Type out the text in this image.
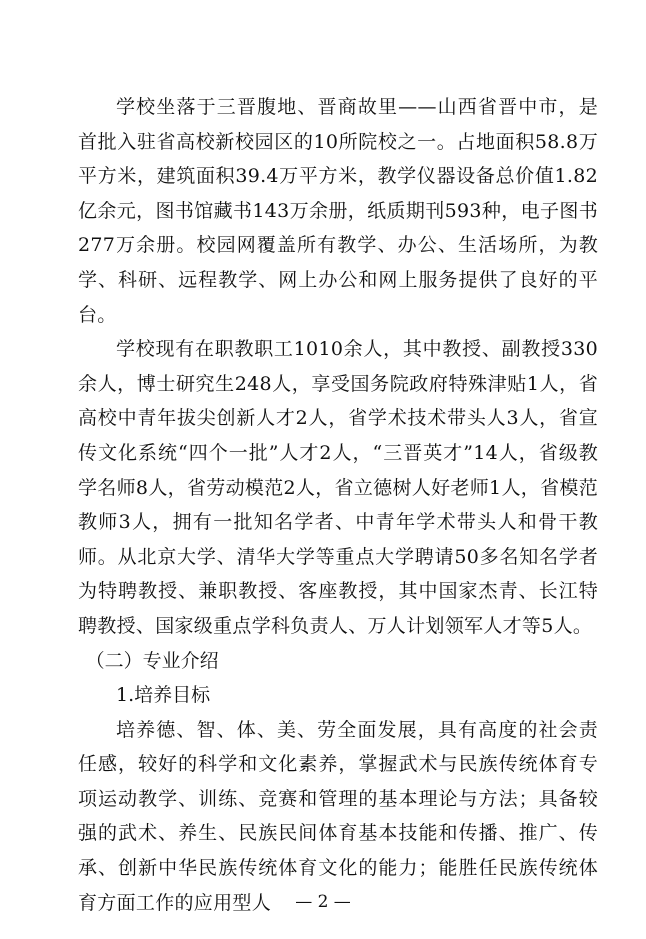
学校坐落于三晋腹地、晋商故里——山西省晋中市，是首批入驻省高校新校园区的10所院校之一。占地面积58.8万平方米，建筑面积39.4万平方米，教学仪器设备总价值1.82亿余元，图书馆藏书143万余册，纸质期刊593种，电子图书277万余册。校园网覆盖所有教学、办公、生活场所，为教学、科研、远程教学、网上办公和网上服务提供了良好的平台。

学校现有在职教职工1010余人，其中教授、副教授330余人，博士研究生248人，享受国务院政府特殊津贴1人，省高校中青年拔尖创新人才2人，省学术技术带头人3人，省宣传文化系统“四个一批”人才2人，“三晋英才”14人，省级教学名师8人，省劳动模范2人，省立德树人好老师1人，省模范教师3人，拥有一批知名学者、中青年学术带头人和骨干教师。从北京大学、清华大学等重点大学聘请50多名知名学者为特聘教授、兼职教授、客座教授，其中国家杰青、长江特聘教授、国家级重点学科负责人、万人计划领军人才等5人。

（二）专业介绍

1.培养目标

培养德、智、体、美、劳全面发展，具有高度的社会责任感，较好的科学和文化素养，掌握武术与民族传统体育专项运动教学、训练、竞赛和管理的基本理论与方法；具备较强的武术、养生、民族民间体育基本技能和传播、推广、传承、创新中华民族传统体育文化的能力；能胜任民族传统体育方面工作的应用型人	— 2 —
